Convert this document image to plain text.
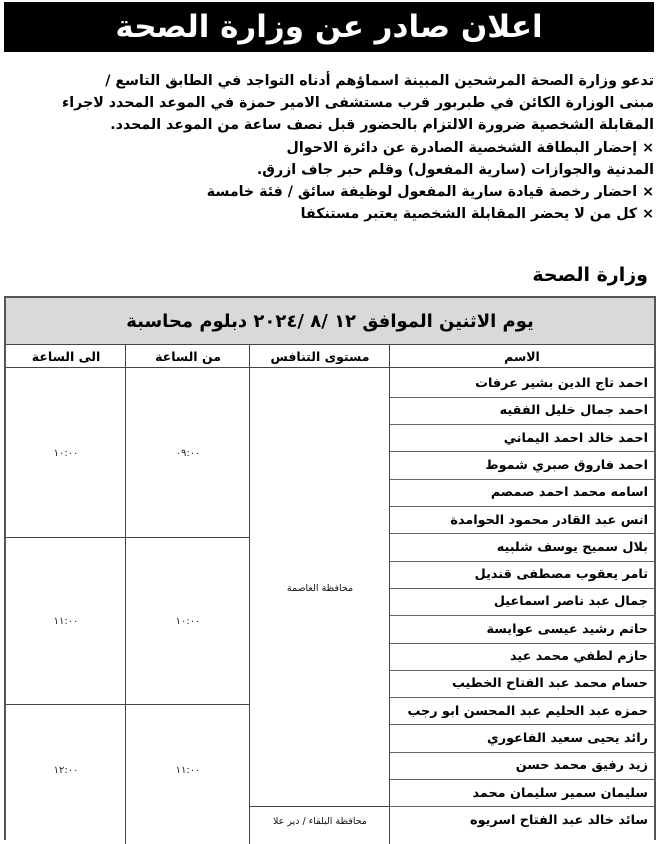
اعلان صادر عن وزارة الصحة
تدعو وزارة الصحة المرشحين المبينة اسماؤهم أدناه التواجد في الطابق التاسع /
مبنى الوزارة الكائن في طبربور قرب مستشفى الامير حمزة في الموعد المحدد لاجراء
المقابلة الشخصية ضرورة الالتزام بالحضور قبل نصف ساعة من الموعد المحدد.
× إحضار البطاقة الشخصية الصادرة عن دائرة الاحوال
المدنية والجوازات (سارية المفعول) وقلم حبر جاف ازرق.
× احضار رخصة قيادة سارية المفعول لوظيفة سائق / فئة خامسة
× كل من لا يحضر المقابلة الشخصية يعتبر مستنكفا
وزارة الصحة
يوم الاثنين الموافق ١٢ /٨ /٢٠٢٤ دبلوم محاسبة
الاسم
مستوى التنافس
من الساعة
الى الساعة
٠٩:٠٠
١٠:٠٠
١٠:٠٠
١١:٠٠
١١:٠٠
١٢:٠٠
محافظة العاصمة
محافظة البلقاء / دير علا
احمد تاج الدين بشير عرفات
احمد جمال خليل الفقيه
احمد خالد احمد اليماني
احمد فاروق صبري شموط
اسامه محمد احمد صمصم
انس عبد القادر محمود الحوامدة
بلال سميح يوسف شلبيه
تامر يعقوب مصطفى قنديل
جمال عبد ناصر اسماعيل
حاتم رشيد عيسى عوايسة
حازم لطفي محمد عيد
حسام محمد عبد الفتاح الخطيب
حمزه عبد الحليم عبد المحسن ابو رجب
رائد يحيى سعيد الفاعوري
زيد رفيق محمد حسن
سليمان سمير سليمان محمد
سائد خالد عبد الفتاح اسريوه
